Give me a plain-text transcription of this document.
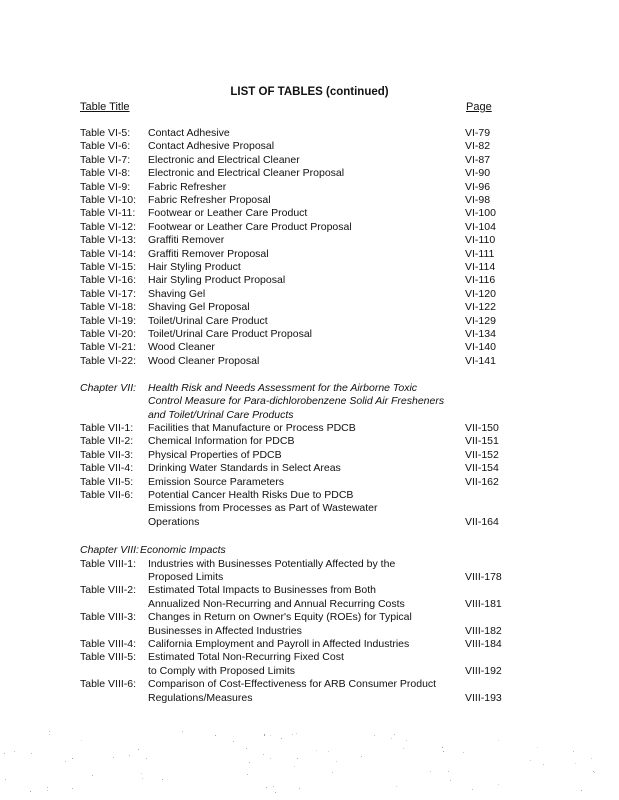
LIST OF TABLES (continued)
Table Title	Page
Table VI-5: Contact Adhesive	VI-79
Table VI-6: Contact Adhesive Proposal	VI-82
Table VI-7: Electronic and Electrical Cleaner	VI-87
Table VI-8: Electronic and Electrical Cleaner Proposal	VI-90
Table VI-9: Fabric Refresher	VI-96
Table VI-10: Fabric Refresher Proposal	VI-98
Table VI-11: Footwear or Leather Care Product	VI-100
Table VI-12: Footwear or Leather Care Product Proposal	VI-104
Table VI-13: Graffiti Remover	VI-110
Table VI-14: Graffiti Remover Proposal	VI-111
Table VI-15: Hair Styling Product	VI-114
Table VI-16: Hair Styling Product Proposal	VI-116
Table VI-17: Shaving Gel	VI-120
Table VI-18: Shaving Gel Proposal	VI-122
Table VI-19: Toilet/Urinal Care Product	VI-129
Table VI-20: Toilet/Urinal Care Product Proposal	VI-134
Table VI-21: Wood Cleaner	VI-140
Table VI-22: Wood Cleaner Proposal	VI-141
Chapter VII: Health Risk and Needs Assessment for the Airborne Toxic
Control Measure for Para-dichlorobenzene Solid Air Fresheners
and Toilet/Urinal Care Products
Table VII-1: Facilities that Manufacture or Process PDCB	VII-150
Table VII-2: Chemical Information for PDCB	VII-151
Table VII-3: Physical Properties of PDCB	VII-152
Table VII-4: Drinking Water Standards in Select Areas	VII-154
Table VII-5: Emission Source Parameters	VII-162
Table VII-6: Potential Cancer Health Risks Due to PDCB
Emissions from Processes as Part of Wastewater
Operations	VII-164
Chapter VIII: Economic Impacts
Table VIII-1: Industries with Businesses Potentially Affected by the
Proposed Limits	VIII-178
Table VIII-2: Estimated Total Impacts to Businesses from Both
Annualized Non-Recurring and Annual Recurring Costs	VIII-181
Table VIII-3: Changes in Return on Owner's Equity (ROEs) for Typical
Businesses in Affected Industries	VIII-182
Table VIII-4: California Employment and Payroll in Affected Industries	VIII-184
Table VIII-5: Estimated Total Non-Recurring Fixed Cost
to Comply with Proposed Limits	VIII-192
Table VIII-6: Comparison of Cost-Effectiveness for ARB Consumer Product
Regulations/Measures	VIII-193
